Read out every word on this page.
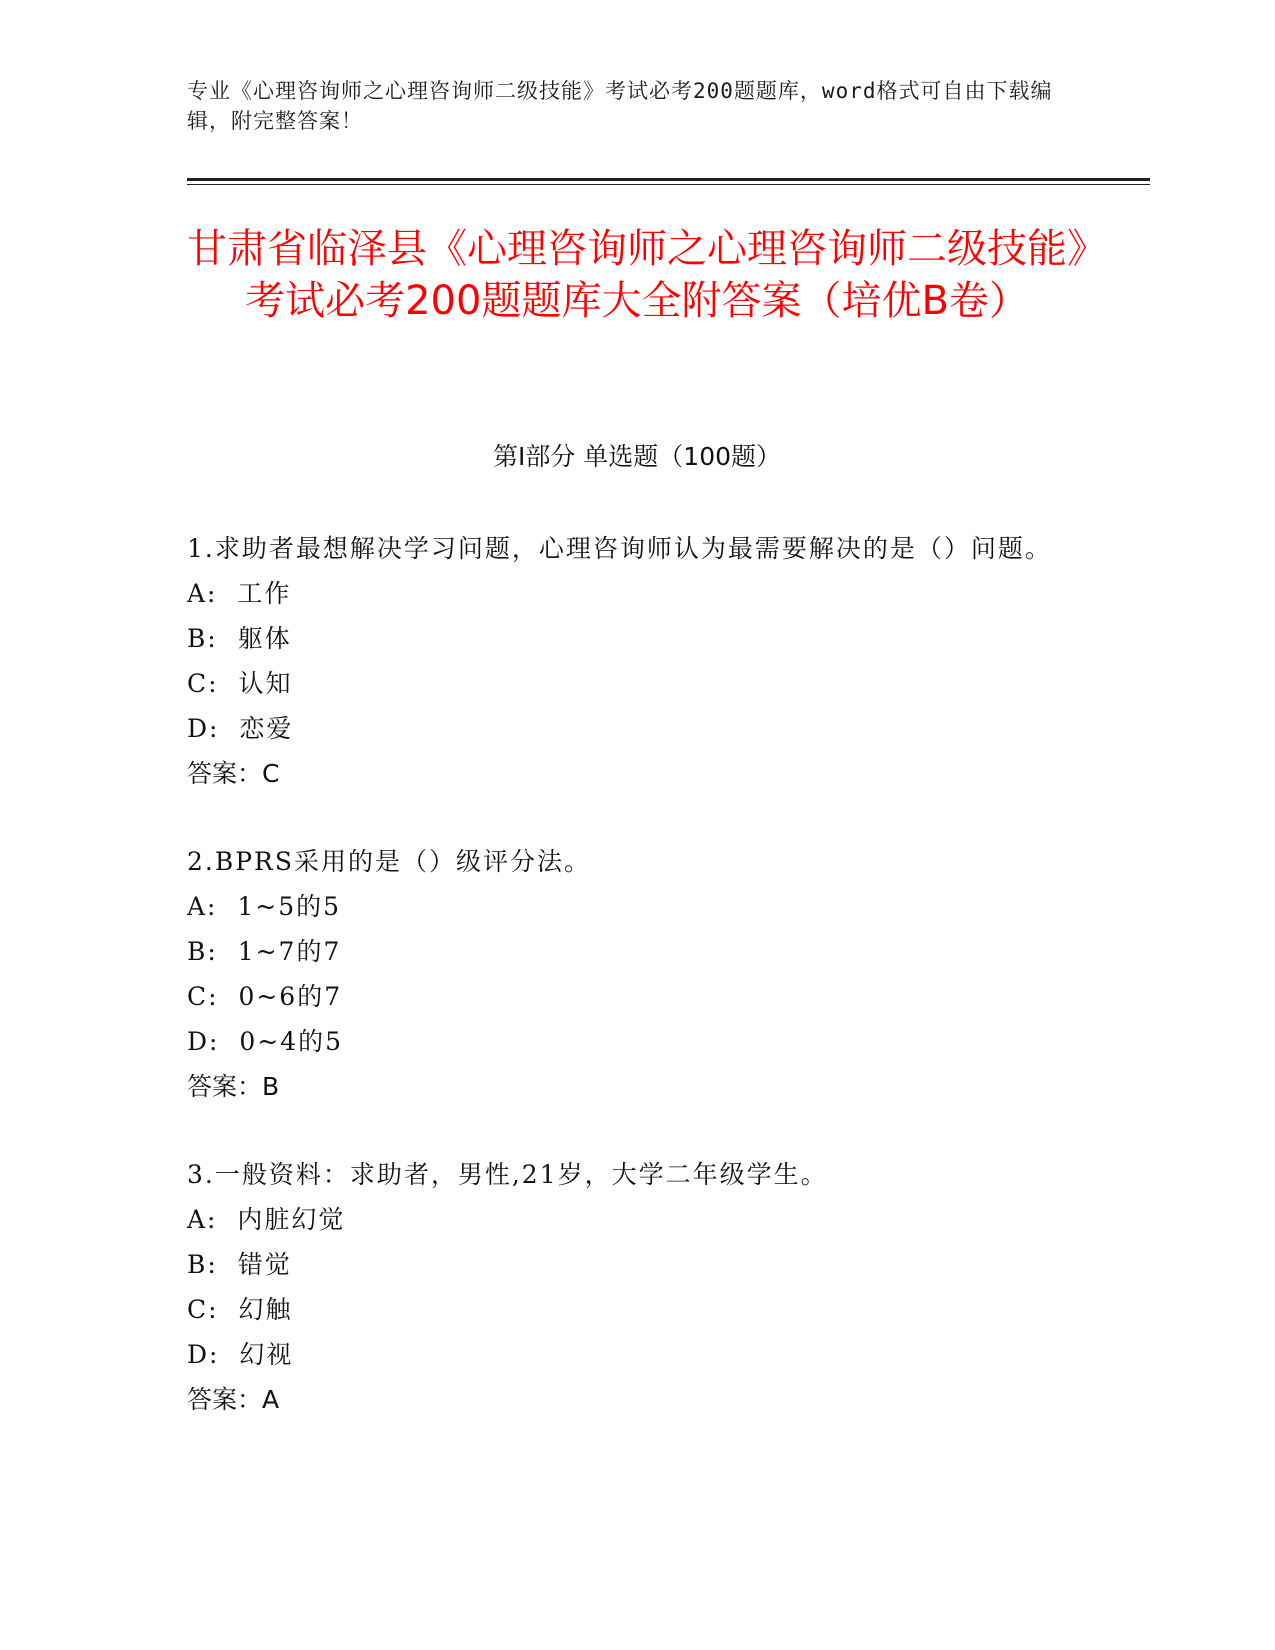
专业《心理咨询师之心理咨询师二级技能》考试必考200题题库，word格式可自由下载编辑，附完整答案！
甘肃省临泽县《心理咨询师之心理咨询师二级技能》考试必考200题题库大全附答案（培优B卷）
第Ⅰ部分 单选题（100题）

1.求助者最想解决学习问题，心理咨询师认为最需要解决的是（）问题。

A:  工作

B:  躯体

C:  认知

D:  恋爱

答案：C

2.BPRS采用的是（）级评分法。

A:  1~5的5

B:  1~7的7

C:  0~6的7

D:  0~4的5

答案：B

3.一般资料：求助者，男性,21岁，大学二年级学生。

A:  内脏幻觉

B:  错觉

C:  幻触

D:  幻视

答案：A
